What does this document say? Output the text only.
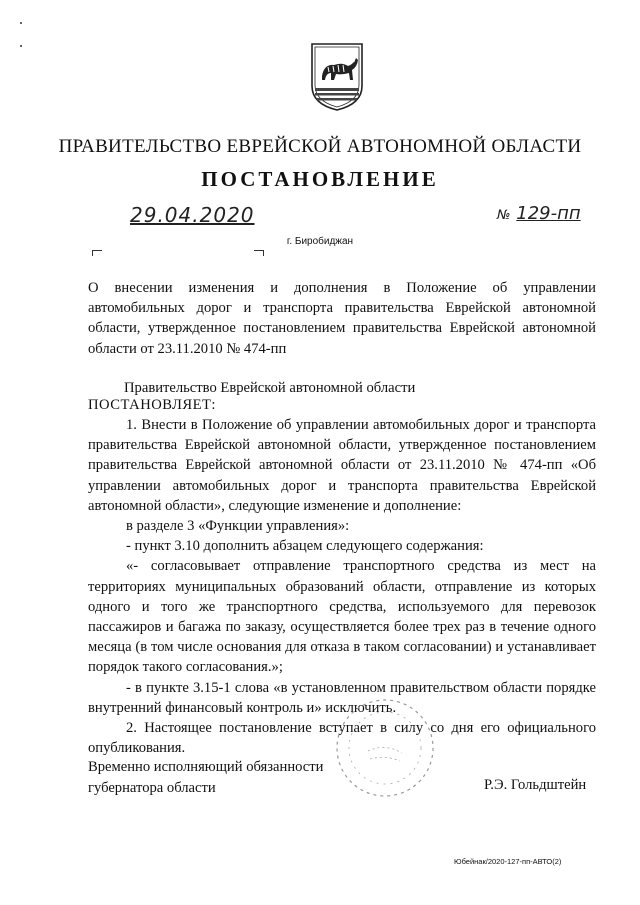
ПРАВИТЕЛЬСТВО ЕВРЕЙСКОЙ АВТОНОМНОЙ ОБЛАСТИ
ПОСТАНОВЛЕНИЕ
29.04.2020	№ 129-пп
г. Биробиджан

О внесении изменения и дополнения в Положение об управлении автомобильных дорог и транспорта правительства Еврейской автономной области, утвержденное постановлением правительства Еврейской автономной области от 23.11.2010 № 474-пп

Правительство Еврейской автономной области
ПОСТАНОВЛЯЕТ:
1. Внести в Положение об управлении автомобильных дорог и транспорта правительства Еврейской автономной области, утвержденное постановлением правительства Еврейской автономной области от 23.11.2010 № 474-пп «Об управлении автомобильных дорог и транспорта правительства Еврейской автономной области», следующие изменение и дополнение:
в разделе 3 «Функции управления»:
- пункт 3.10 дополнить абзацем следующего содержания:
«- согласовывает отправление транспортного средства из мест на территориях муниципальных образований области, отправление из которых одного и того же транспортного средства, используемого для перевозок пассажиров и багажа по заказу, осуществляется более трех раз в течение одного месяца (в том числе основания для отказа в таком согласовании) и устанавливает порядок такого согласования.»;
- в пункте 3.15-1 слова «в установленном правительством области порядке внутренний финансовый контроль и» исключить.
2. Настоящее постановление вступает в силу со дня его официального опубликования.
Временно исполняющий обязанности
губернатора области	Р.Э. Гольдштейн
Юбейнак/2020-127-пп-АВТО(2)
